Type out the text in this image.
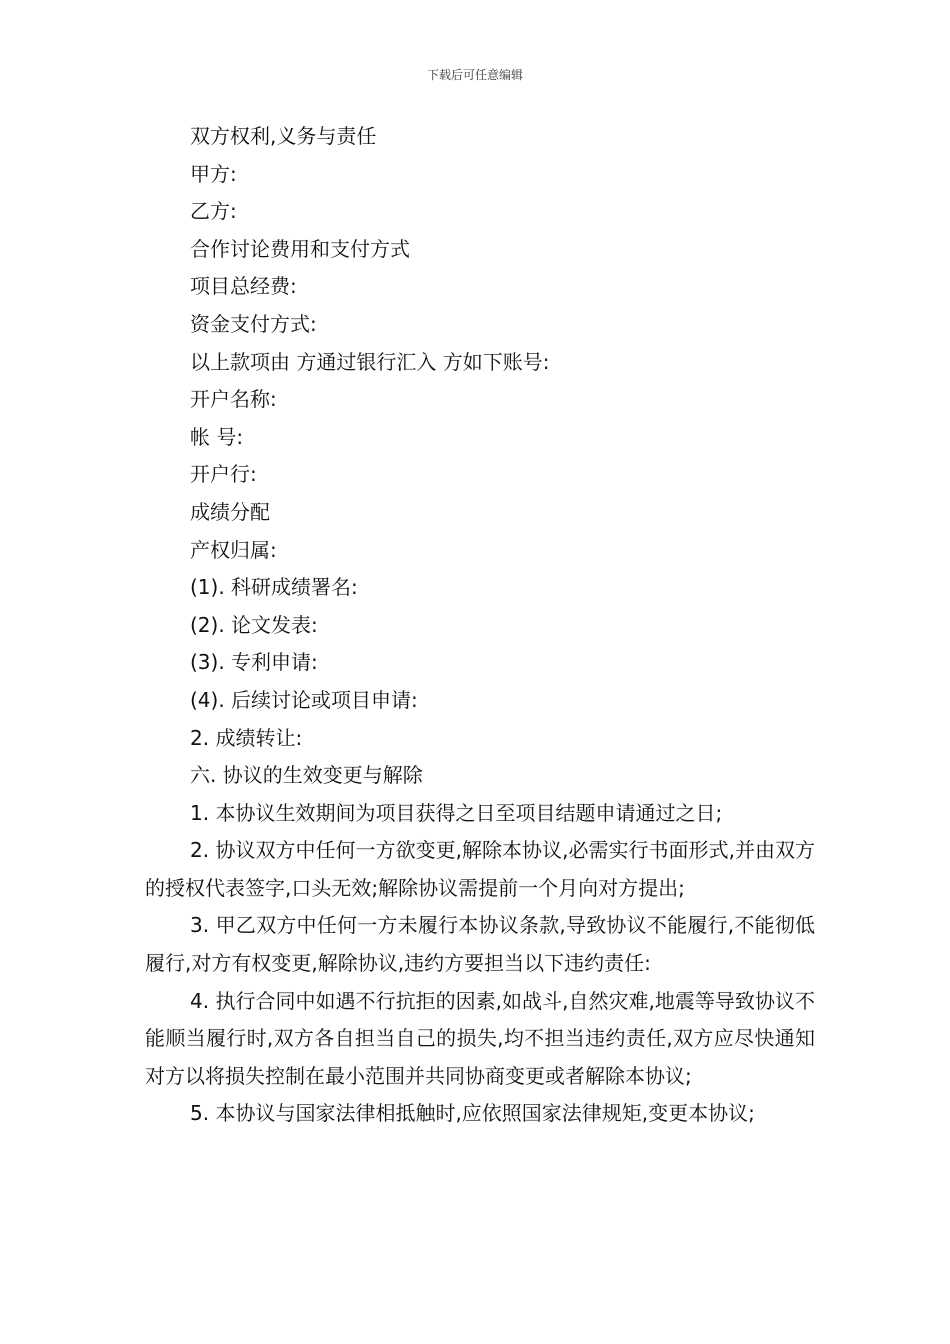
下载后可任意编辑
双方权利,义务与责任
甲方:
乙方:
合作讨论费用和支付方式
项目总经费:
资金支付方式:
以上款项由 方通过银行汇入 方如下账号:
开户名称:
帐 号:
开户行:
成绩分配
产权归属:
(1). 科研成绩署名:
(2). 论文发表:
(3). 专利申请:
(4). 后续讨论或项目申请:
2. 成绩转让:
六. 协议的生效变更与解除
1. 本协议生效期间为项目获得之日至项目结题申请通过之日;

2. 协议双方中任何一方欲变更,解除本协议,必需实行书面形式,并由双方的授权代表签字,口头无效;解除协议需提前一个月向对方提出;

3. 甲乙双方中任何一方未履行本协议条款,导致协议不能履行,不能彻低履行,对方有权变更,解除协议,违约方要担当以下违约责任:

4. 执行合同中如遇不行抗拒的因素,如战斗,自然灾难,地震等导致协议不能顺当履行时,双方各自担当自己的损失,均不担当违约责任,双方应尽快通知对方以将损失控制在最小范围并共同协商变更或者解除本协议;

5. 本协议与国家法律相抵触时,应依照国家法律规矩,变更本协议;
